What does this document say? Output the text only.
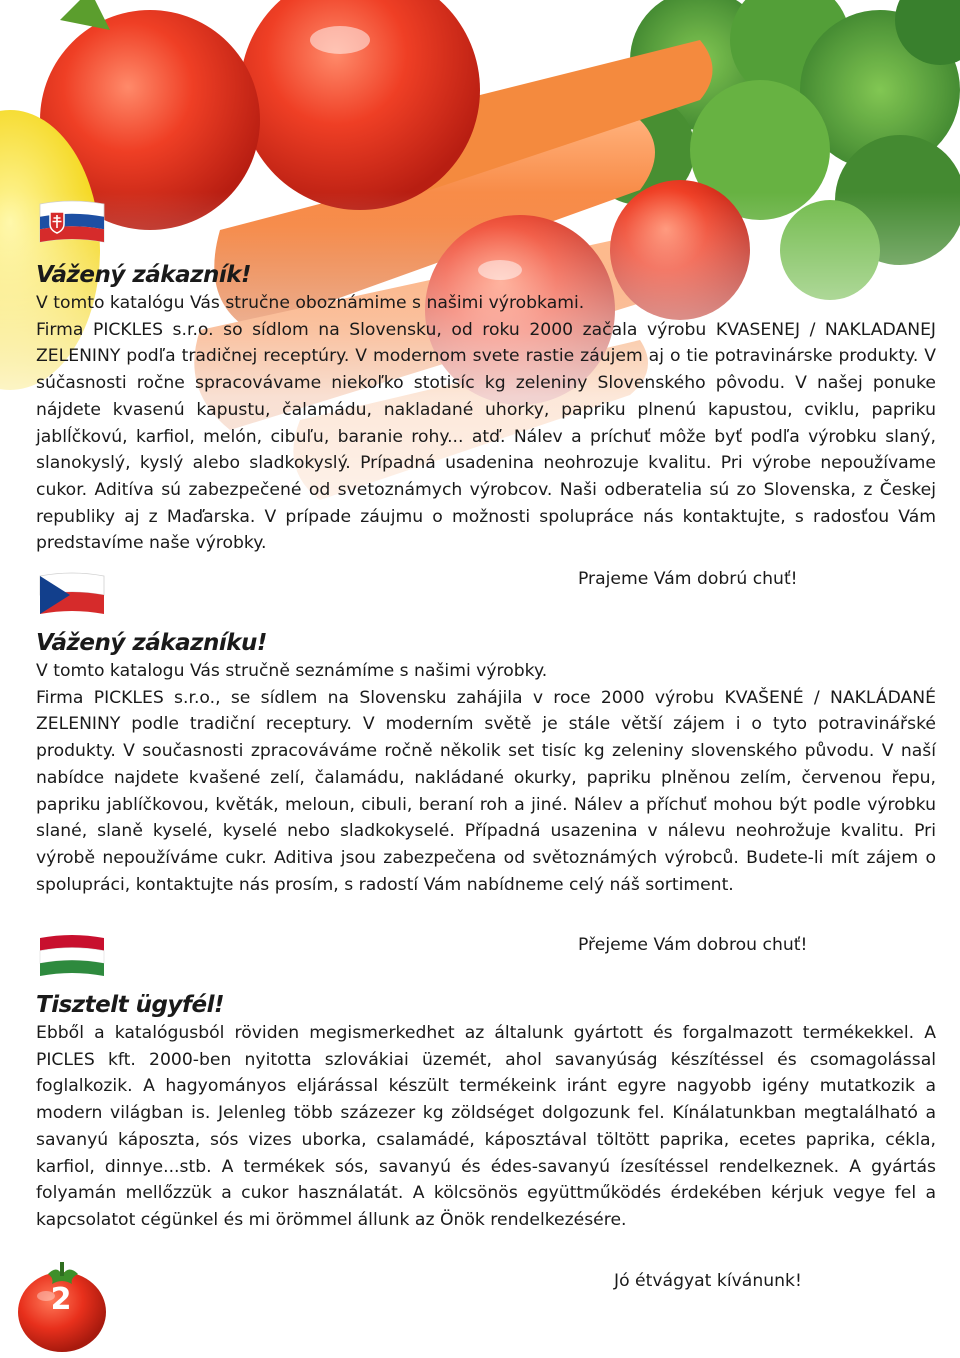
Vážený zákazník!

V tomto katalógu Vás stručne oboznámime s našimi výrobkami.

Firma PICKLES s.r.o. so sídlom na Slovensku, od roku 2000 začala výrobu KVASENEJ / NAKLADANEJ ZELENINY podľa tradičnej receptúry. V modernom svete rastie záujem aj o tie potravinárske produkty. V súčasnosti ročne spracovávame niekoľko stotisíc kg zeleniny Slovenského pôvodu. V našej ponuke nájdete kvasenú kapustu, čalamádu, nakladané uhorky, papriku plnenú kapustou, cviklu, papriku jablĺčkovú, karfiol, melón, cibuľu, baranie rohy... atď. Nálev a príchuť môže byť podľa výrobku slaný, slanokyslý, kyslý alebo sladkokyslý. Prípadná usadenina neohrozuje kvalitu. Pri výrobe nepoužívame cukor. Aditíva sú zabezpečené od svetoznámych výrobcov. Naši odberatelia sú zo Slovenska, z Českej republiky aj z Maďarska. V prípade záujmu o možnosti spolupráce nás kontaktujte, s radosťou Vám predstavíme naše výrobky.

Prajeme Vám dobrú chuť!
Vážený zákazníku!

V tomto katalogu Vás stručně seznámíme s našimi výrobky.

Firma PICKLES s.r.o., se sídlem na Slovensku zahájila v roce 2000 výrobu KVAŠENÉ / NAKLÁDANÉ ZELENINY podle tradiční receptury. V moderním světě je stále větší zájem i o tyto potravinářské produkty. V současnosti zpracováváme ročně několik set tisíc kg zeleniny slovenského původu. V naší nabídce najdete kvašené zelí, čalamádu, nakládané okurky, papriku plněnou zelím, červenou řepu, papriku jablíčkovou, květák, meloun, cibuli, beraní roh a jiné. Nálev a příchuť mohou být podle výrobku slané, slaně kyselé, kyselé nebo sladkokyselé. Případná usazenina v nálevu neohrožuje kvalitu. Pri výrobě nepoužíváme cukr. Aditiva jsou zabezpečena od světoznámých výrobců. Budete-li mít zájem o spolupráci, kontaktujte nás prosím, s radostí Vám nabídneme celý náš sortiment.

Přejeme Vám dobrou chuť!
Tisztelt ügyfél!

Ebből a katalógusból röviden megismerkedhet az általunk gyártott és forgalmazott termékekkel. A PICLES kft. 2000-ben nyitotta szlovákiai üzemét, ahol savanyúság készítéssel és csomagolással foglalkozik. A hagyományos eljárással készült termékeink iránt egyre nagyobb igény mutatkozik a modern világban is. Jelenleg több százezer kg zöldséget dolgozunk fel. Kínálatunkban megtalálható a savanyú káposzta, sós vizes uborka, csalamádé, káposztával töltött paprika, ecetes paprika, cékla, karfiol, dinnye...stb. A termékek sós, savanyú és édes-savanyú ízesítéssel rendelkeznek. A gyártás folyamán mellőzzük a cukor használatát. A kölcsönös együttműködés érdekében kérjuk vegye fel a kapcsolatot cégünkel és mi örömmel állunk az Önök rendelkezésére.

Jó étvágyat kívánunk!
2
